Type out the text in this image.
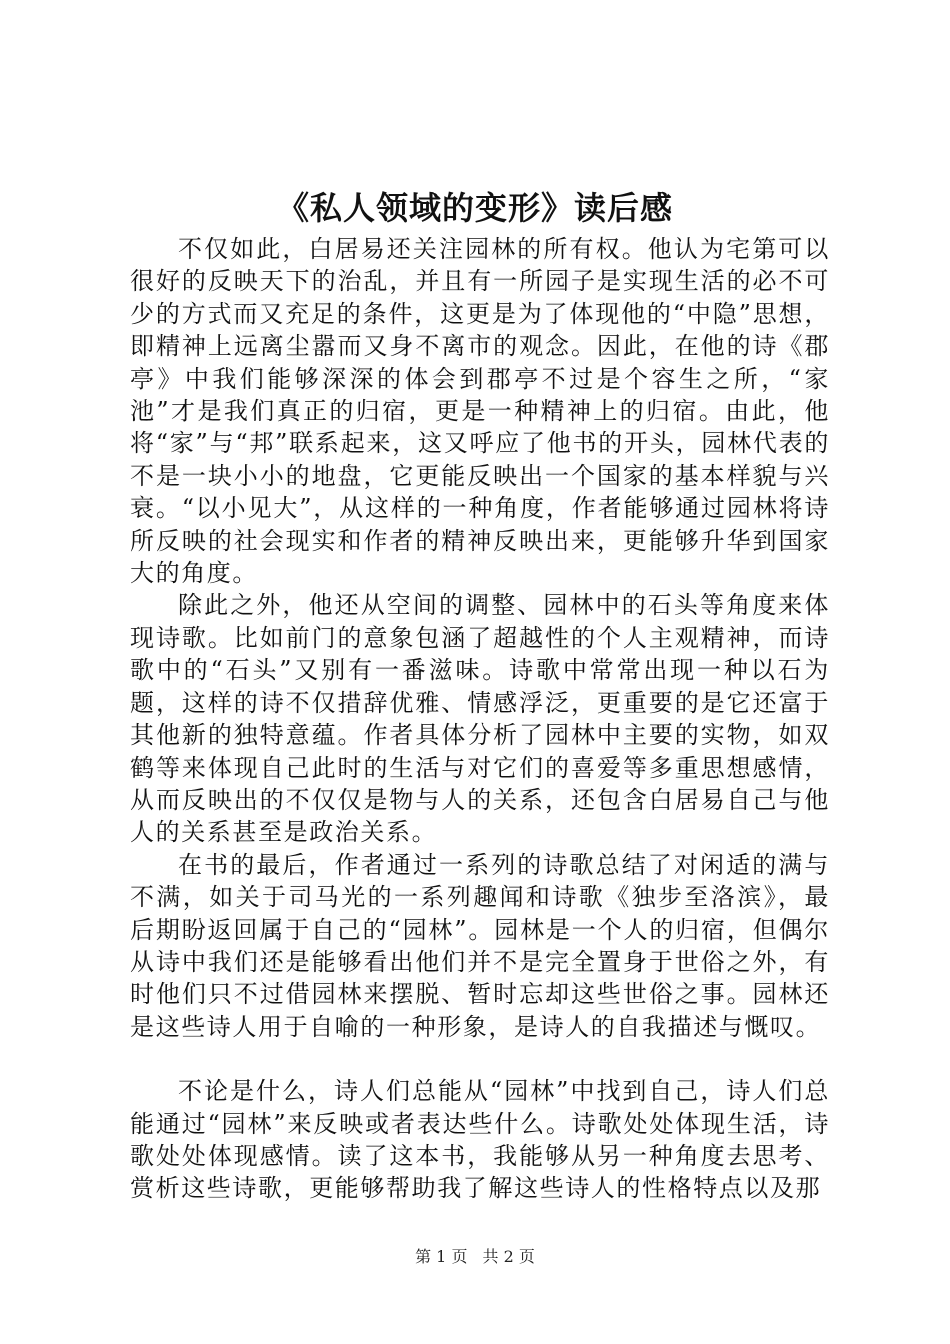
《私人领域的变形》读后感

不仅如此，白居易还关注园林的所有权。他认为宅第可以很好的反映天下的治乱，并且有一所园子是实现生活的必不可少的方式而又充足的条件，这更是为了体现他的“中隐”思想，即精神上远离尘嚣而又身不离市的观念。因此，在他的诗《郡亭》中我们能够深深的体会到郡亭不过是个容生之所，“家池”才是我们真正的归宿，更是一种精神上的归宿。由此，他将“家”与“邦”联系起来，这又呼应了他书的开头，园林代表的不是一块小小的地盘，它更能反映出一个国家的基本样貌与兴衰。“以小见大”，从这样的一种角度，作者能够通过园林将诗所反映的社会现实和作者的精神反映出来，更能够升华到国家大的角度。

除此之外，他还从空间的调整、园林中的石头等角度来体现诗歌。比如前门的意象包涵了超越性的个人主观精神，而诗歌中的“石头”又别有一番滋味。诗歌中常常出现一种以石为题，这样的诗不仅措辞优雅、情感浮泛，更重要的是它还富于其他新的独特意蕴。作者具体分析了园林中主要的实物，如双鹤等来体现自己此时的生活与对它们的喜爱等多重思想感情，从而反映出的不仅仅是物与人的关系，还包含白居易自己与他人的关系甚至是政治关系。

在书的最后，作者通过一系列的诗歌总结了对闲适的满与不满，如关于司马光的一系列趣闻和诗歌《独步至洛滨》，最后期盼返回属于自己的“园林”。园林是一个人的归宿，但偶尔从诗中我们还是能够看出他们并不是完全置身于世俗之外，有时他们只不过借园林来摆脱、暂时忘却这些世俗之事。园林还是这些诗人用于自喻的一种形象，是诗人的自我描述与慨叹。

不论是什么，诗人们总能从“园林”中找到自己，诗人们总能通过“园林”来反映或者表达些什么。诗歌处处体现生活，诗歌处处体现感情。读了这本书，我能够从另一种角度去思考、赏析这些诗歌，更能够帮助我了解这些诗人的性格特点以及那

第 1 页 共 2 页
